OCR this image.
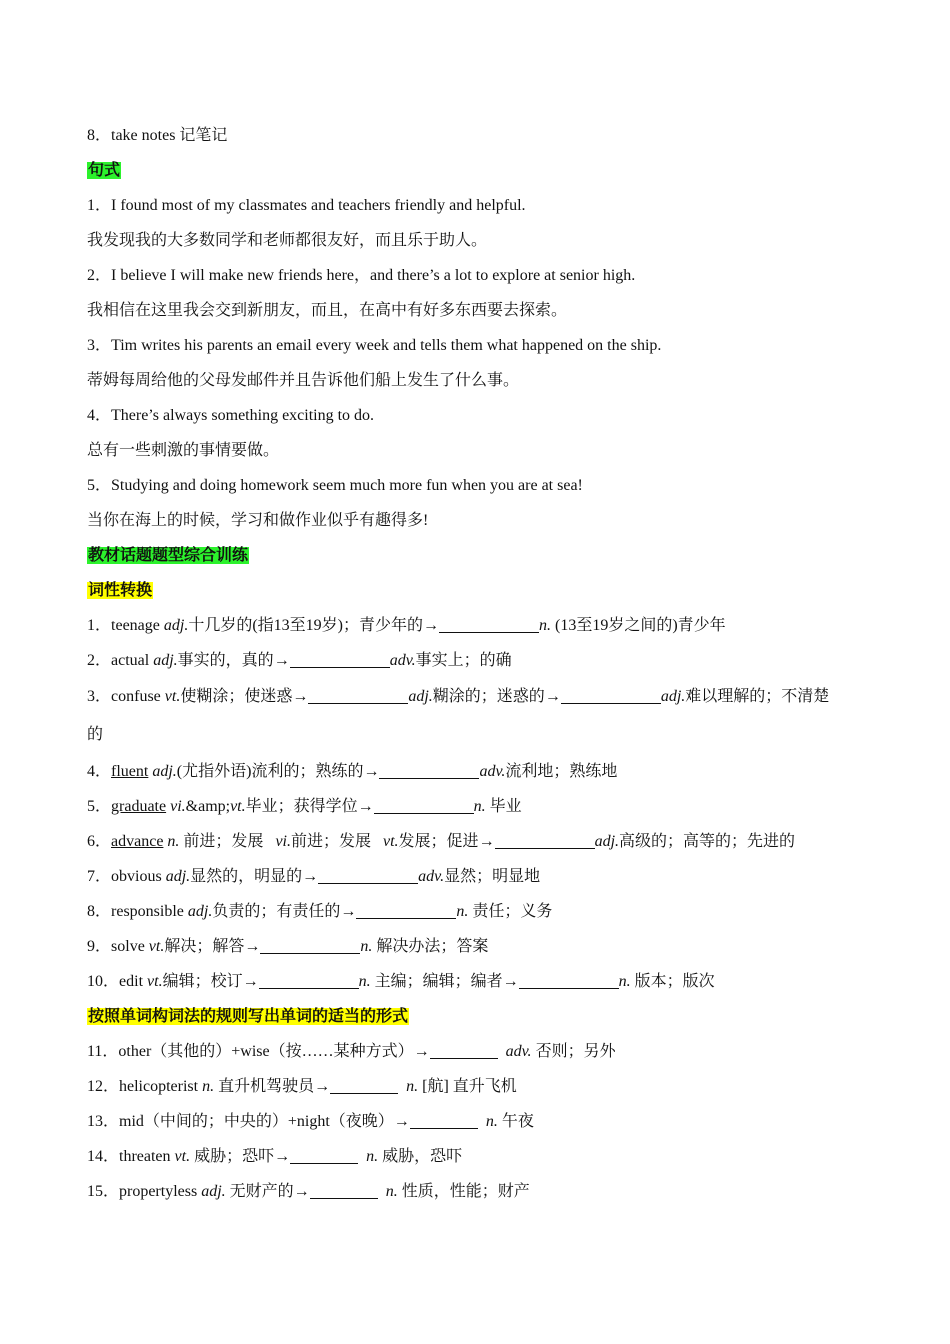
8．take notes 记笔记
句式
1．I found most of my classmates and teachers friendly and helpful.
我发现我的大多数同学和老师都很友好，而且乐于助人。
2．I believe I will make new friends here，and there’s a lot to explore at senior high.
我相信在这里我会交到新朋友，而且，在高中有好多东西要去探索。
3．Tim writes his parents an email every week and tells them what happened on the ship.
蒂姆每周给他的父母发邮件并且告诉他们船上发生了什么事。
4．There’s always something exciting to do.
总有一些刺激的事情要做。
5．Studying and doing homework seem much more fun when you are at sea!
当你在海上的时候，学习和做作业似乎有趣得多!
教材话题题型综合训练
词性转换
1．teenage adj.十几岁的(指13至19岁)；青少年的→	n. (13至19岁之间的)青少年
2．actual adj.事实的，真的→	adv.事实上；的确
3．confuse vt.使糊涂；使迷惑→	adj.糊涂的；迷惑的→	adj.难以理解的；不清楚
的
4．fluent adj.(尤指外语)流利的；熟练的→	adv.流利地；熟练地
5．graduate vi.&amp;vt.毕业；获得学位→	n. 毕业
6．advance n. 前进；发展 vi.前进；发展 vt.发展；促进→	adj.高级的；高等的；先进的
7．obvious adj.显然的，明显的→	adv.显然；明显地
8．responsible adj.负责的；有责任的→	n. 责任；义务
9．solve vt.解决；解答→	n. 解决办法；答案
10．edit vt.编辑；校订→	n. 主编；编辑；编者→	n. 版本；版次
按照单词构词法的规则写出单词的适当的形式
11．other（其他的）+wise（按……某种方式）→	adv. 否则；另外
12．helicopterist n. 直升机驾驶员→	n. [航] 直升飞机
13．mid（中间的；中央的）+night（夜晚）→	n. 午夜
14．threaten vt. 威胁；恐吓→	n. 威胁，恐吓
15．propertyless adj. 无财产的→	n. 性质，性能；财产
